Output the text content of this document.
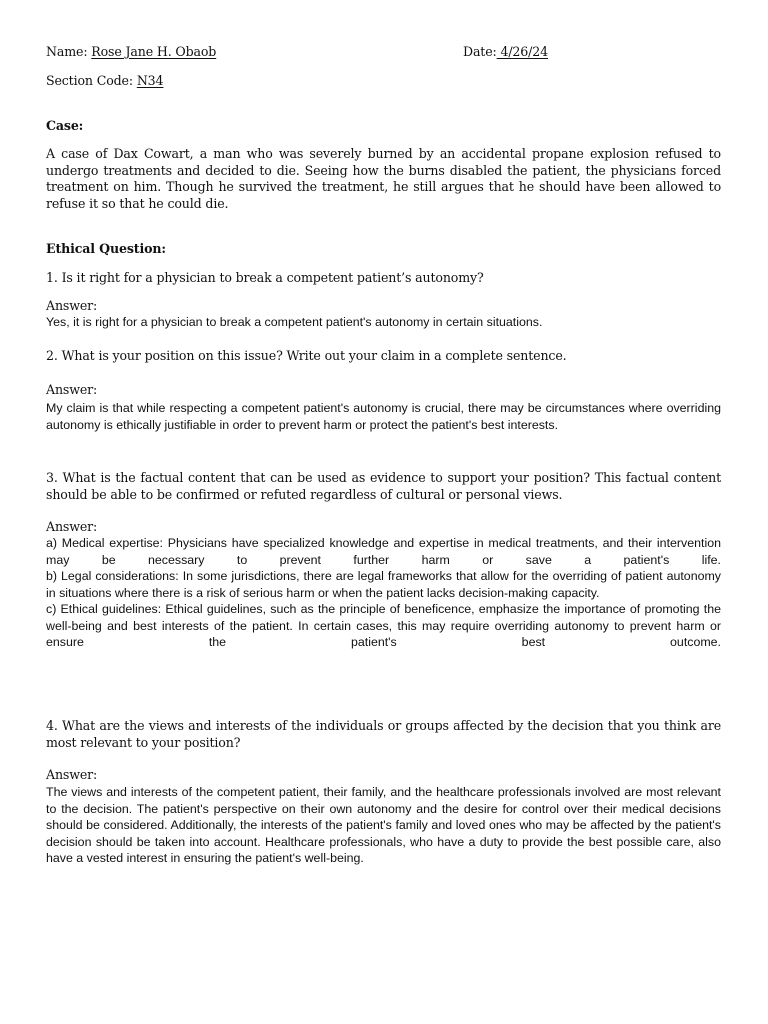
Name: Rose Jane H. Obaob	Date: 4/26/24
Section Code: N34
Case:
A case of Dax Cowart, a man who was severely burned by an accidental propane explosion refused to undergo treatments and decided to die. Seeing how the burns disabled the patient, the physicians forced treatment on him. Though he survived the treatment, he still argues that he should have been allowed to refuse it so that he could die.
Ethical Question:
1. Is it right for a physician to break a competent patient’s autonomy?
Answer:
Yes, it is right for a physician to break a competent patient's autonomy in certain situations.
2. What is your position on this issue? Write out your claim in a complete sentence.
Answer:
My claim is that while respecting a competent patient's autonomy is crucial, there may be circumstances where overriding autonomy is ethically justifiable in order to prevent harm or protect the patient's best interests.
3. What is the factual content that can be used as evidence to support your position? This factual content should be able to be confirmed or refuted regardless of cultural or personal views.
Answer:
a) Medical expertise: Physicians have specialized knowledge and expertise in medical treatments, and their intervention may be necessary to prevent further harm or save a patient's life.
b) Legal considerations: In some jurisdictions, there are legal frameworks that allow for the overriding of patient autonomy in situations where there is a risk of serious harm or when the patient lacks decision-making capacity.
c) Ethical guidelines: Ethical guidelines, such as the principle of beneficence, emphasize the importance of promoting the well-being and best interests of the patient. In certain cases, this may require overriding autonomy to prevent harm or ensure the patient's best outcome.
4. What are the views and interests of the individuals or groups affected by the decision that you think are most relevant to your position?
Answer:
The views and interests of the competent patient, their family, and the healthcare professionals involved are most relevant to the decision. The patient's perspective on their own autonomy and the desire for control over their medical decisions should be considered. Additionally, the interests of the patient's family and loved ones who may be affected by the patient's decision should be taken into account. Healthcare professionals, who have a duty to provide the best possible care, also have a vested interest in ensuring the patient's well-being.
